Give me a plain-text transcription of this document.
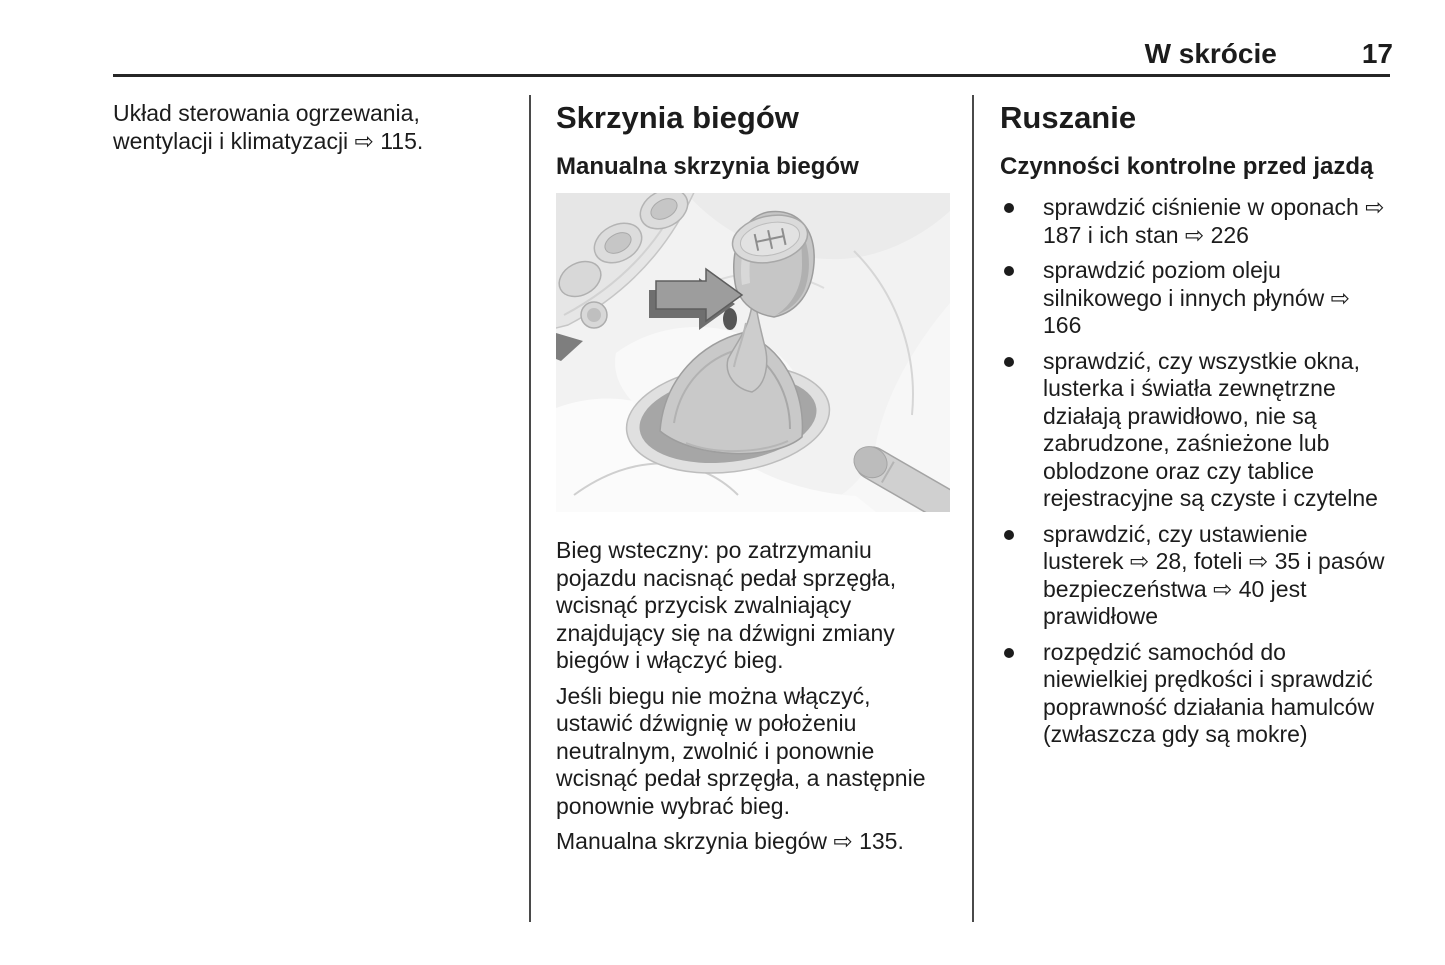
W skrócie	17

Układ sterowania ogrzewania, wentylacji i klimatyzacji ⇨ 115.

Skrzynia biegów
Manualna skrzynia biegów

Bieg wsteczny: po zatrzymaniu pojazdu nacisnąć pedał sprzęgła, wcisnąć przycisk zwalniający znajdujący się na dźwigni zmiany biegów i włączyć bieg.

Jeśli biegu nie można włączyć, ustawić dźwignię w położeniu neutralnym, zwolnić i ponownie wcisnąć pedał sprzęgła, a następnie ponownie wybrać bieg.

Manualna skrzynia biegów ⇨ 135.

Ruszanie
Czynności kontrolne przed jazdą
sprawdzić ciśnienie w oponach ⇨ 187 i ich stan ⇨ 226
sprawdzić poziom oleju silnikowego i innych płynów ⇨ 166
sprawdzić, czy wszystkie okna, lusterka i światła zewnętrzne działają prawidłowo, nie są zabrudzone, zaśnieżone lub oblodzone oraz czy tablice rejestracyjne są czyste i czytelne
sprawdzić, czy ustawienie lusterek ⇨ 28, foteli ⇨ 35 i pasów bezpieczeństwa ⇨ 40 jest prawidłowe
rozpędzić samochód do niewielkiej prędkości i sprawdzić poprawność działania hamulców (zwłaszcza gdy są mokre)
